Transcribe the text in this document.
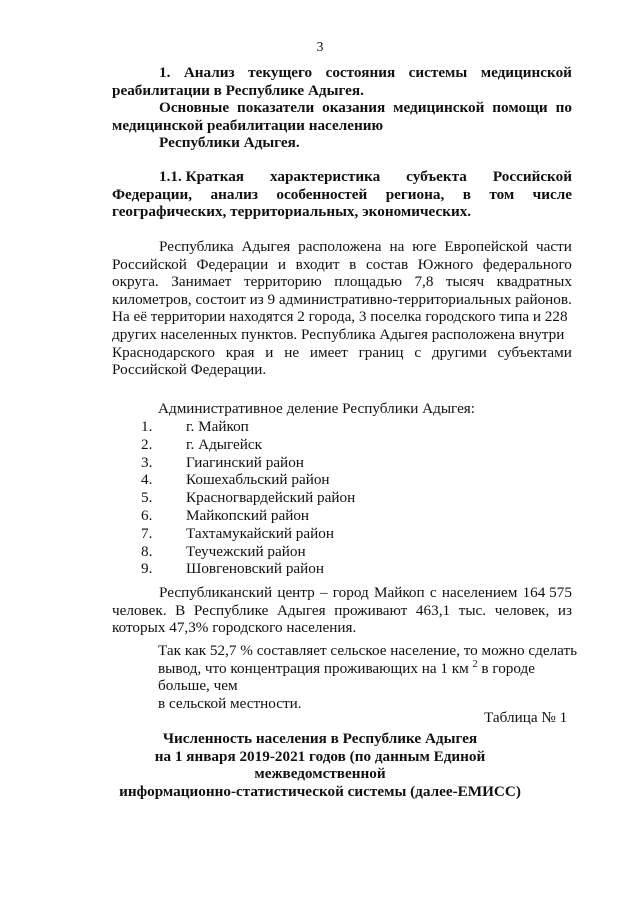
3
1. Анализ текущего состояния системы медицинской
реабилитации в Республике Адыгея.
Основные показатели оказания медицинской помощи по
медицинской реабилитации населению
Республики Адыгея.
1.1. Краткая характеристика субъекта Российской
Федерации, анализ особенностей региона, в том числе
географических, территориальных, экономических.
Республика Адыгея расположена на юге Европейской части
Российской Федерации и входит в состав Южного федерального
округа. Занимает территорию площадью 7,8 тысяч квадратных
километров, состоит из 9 административно-территориальных районов.
На её территории находятся 2 города, 3 поселка городского типа и 228
других населенных пунктов. Республика Адыгея расположена внутри
Краснодарского края и не имеет границ с другими субъектами
Российской Федерации.
Административное деление Республики Адыгея:
1.	г. Майкоп
2.	г. Адыгейск
3.	Гиагинский район
4.	Кошехабльский район
5.	Красногвардейский район
6.	Майкопский район
7.	Тахтамукайский район
8.	Теучежский район
9.	Шовгеновский район
Республиканский центр – город Майкоп с населением 164 575
человек. В Республике Адыгея проживают 463,1 тыс. человек, из
которых 47,3% городского населения.
Так как 52,7 % составляет сельское население, то можно сделать
вывод, что концентрация проживающих на 1 км $^2$ в городе больше, чем
в сельской местности.
Таблица № 1
Численность населения в Республике Адыгея
на 1 января 2019-2021 годов (по данным Единой
межведомственной
информационно-статистической системы (далее-ЕМИСС)
